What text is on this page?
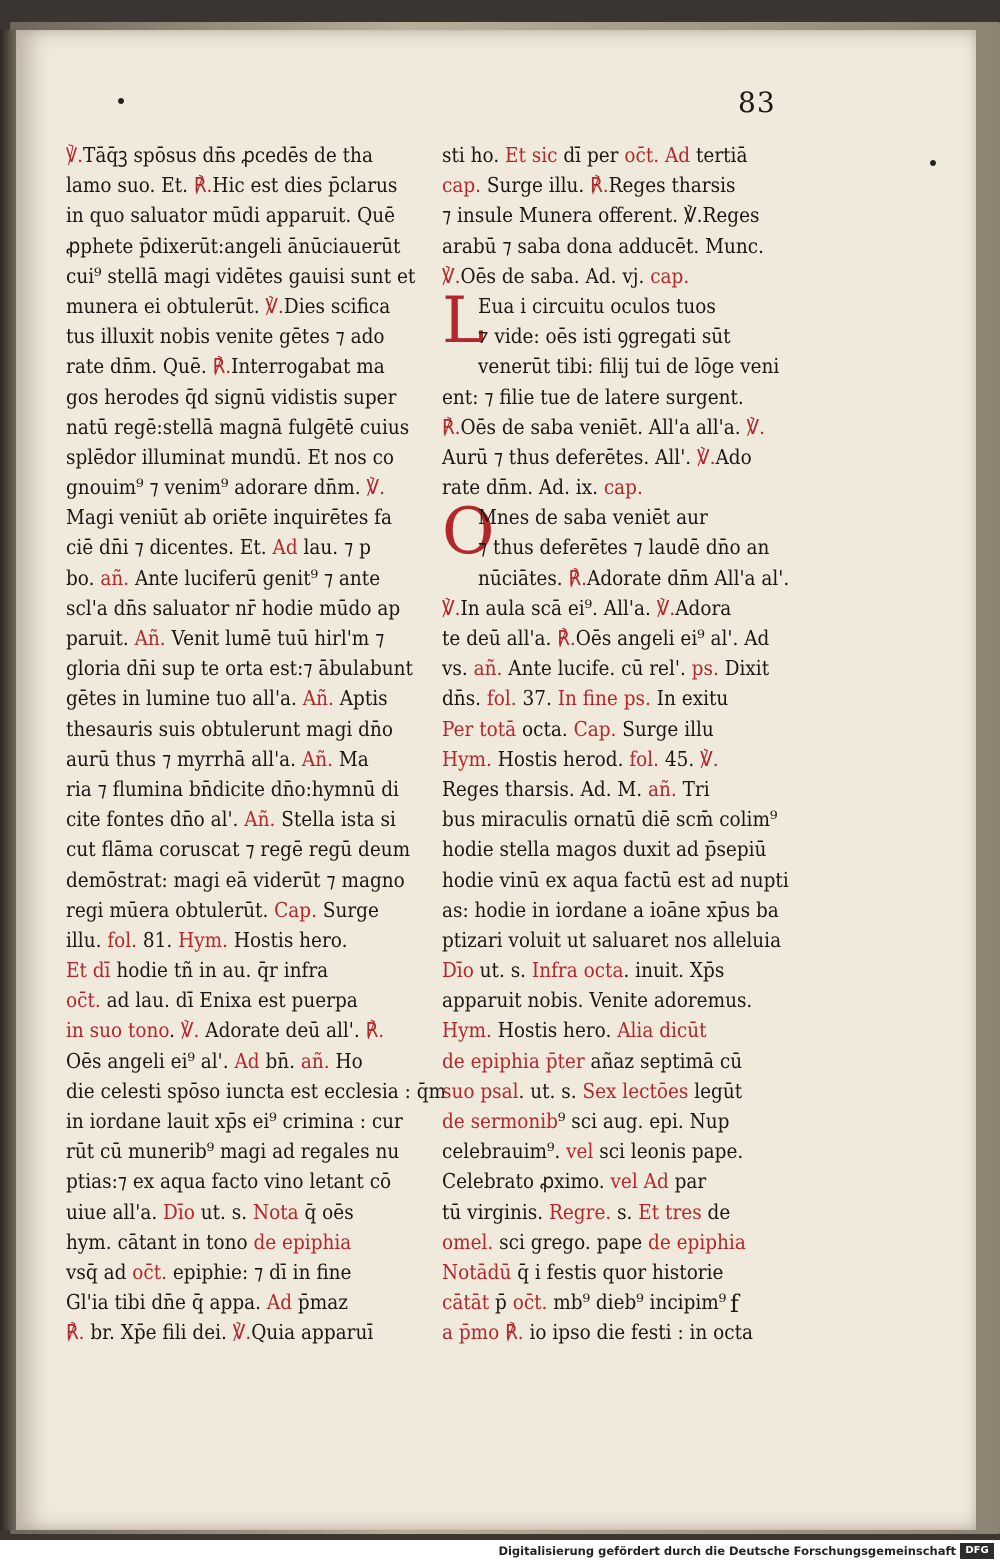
83
℣.Tāq̄ꝫ spōsus dn̄s ꝓcedēs de tha
lamo suo. Et. ℟.Hic est dies p̄clarus
in quo saluator mūdi apparuit. Quē
ꝓphete p̄dixerūt:angeli ānūciauerūt
cui⁹ stellā magi vidētes gauisi sunt et
munera ei obtulerūt. ℣.Dies scifica
tus illuxit nobis venite gētes ⁊ ado
rate dn̄m. Quē. ℟.Interrogabat ma
gos herodes q̄d signū vidistis super
natū regē:stellā magnā fulgētē cuius
splēdor illuminat mundū. Et nos co
gnouim⁹ ⁊ venim⁹ adorare dn̄m. ℣.
Magi veniūt ab oriēte inquirētes fa
ciē dn̄i ⁊ dicentes. Et. Ad lau. ⁊ p
bo. añ. Ante luciferū genit⁹ ⁊ ante
scl'a dn̄s saluator nr̄ hodie mūdo ap
paruit. Añ. Venit lumē tuū hirl'm ⁊
gloria dn̄i sup te orta est:⁊ ābulabunt
gētes in lumine tuo all'a. Añ. Aptis
thesauris suis obtulerunt magi dn̄o
aurū thus ⁊ myrrhā all'a. Añ. Ma
ria ⁊ flumina bn̄dicite dn̄o:hymnū di
cite fontes dn̄o al'. Añ. Stella ista si
cut flāma coruscat ⁊ regē regū deum
demōstrat: magi eā viderūt ⁊ magno
regi mūera obtulerūt. Cap. Surge
illu. fol. 81. Hym. Hostis hero.
Et dī hodie tñ in au. q̄r infra
oc̄t. ad lau. dī Enixa est puerpa
in suo tono. ℣. Adorate deū all'. ℟.
Oēs angeli ei⁹ al'. Ad bn̄. añ. Ho
die celesti spōso iuncta est ecclesia : q̄m
in iordane lauit xp̄s ei⁹ crimina : cur
rūt cū munerib⁹ magi ad regales nu
ptias:⁊ ex aqua facto vino letant cō
uiue all'a. Dīo ut. s. Nota q̄ oēs
hym. cātant in tono de epiphia
vsq̄ ad oc̄t. epiphie: ⁊ dī in fine
Gl'ia tibi dn̄e q̄ appa. Ad p̄maz
℟. br. Xp̄e fili dei. ℣.Quia apparuī
sti ho. Et sic dī per oc̄t. Ad tertiā
cap. Surge illu. ℟.Reges tharsis
⁊ insule Munera offerent. ℣.Reges
arabū ⁊ saba dona adducēt. Munc.
℣.Oēs de saba. Ad. vj. cap.
L
Eua i circuitu oculos tuos
⁊ vide: oēs isti ꝯgregati sūt
venerūt tibi: filij tui de lōge veni
ent: ⁊ filie tue de latere surgent.
℟.Oēs de saba veniēt. All'a all'a. ℣.
Aurū ⁊ thus deferētes. All'. ℣.Ado
rate dn̄m. Ad. ix. cap.
O
Mnes de saba veniēt aur
⁊ thus deferētes ⁊ laudē dn̄o an
nūciātes. ℟.Adorate dn̄m All'a al'.
℣.In aula scā ei⁹. All'a. ℣.Adora
te deū all'a. ℟.Oēs angeli ei⁹ al'. Ad
vs. añ. Ante lucife. cū rel'. ps. Dixit
dn̄s. fol. 37. In fine ps. In exitu
Per totā octa. Cap. Surge illu
Hym. Hostis herod. fol. 45. ℣.
Reges tharsis. Ad. M. añ. Tri
bus miraculis ornatū diē scm̄ colim⁹
hodie stella magos duxit ad p̄sepiū
hodie vinū ex aqua factū est ad nupti
as: hodie in iordane a ioāne xp̄us ba
ptizari voluit ut saluaret nos alleluia
Dīo ut. s. Infra octa. inuit. Xp̄s
apparuit nobis. Venite adoremus.
Hym. Hostis hero. Alia dicūt
de epiphia p̄ter añaz septimā cū
suo psal. ut. s. Sex lectōes legūt
de sermonib⁹ sci aug. epi. Nup
celebrauim⁹. vel sci leonis pape.
Celebrato ꝓximo. vel Ad par
tū virginis. Regre. s. Et tres de
omel. sci grego. pape de epiphia
Notādū q̄ i festis quor historie
cātāt p̄ oc̄t. mb⁹ dieb⁹ incipim⁹
a p̄mo ℟. io ipso die festi : in octa
f
Digitalisierung gefördert durch die Deutsche Forschungsgemeinschaft DFG
